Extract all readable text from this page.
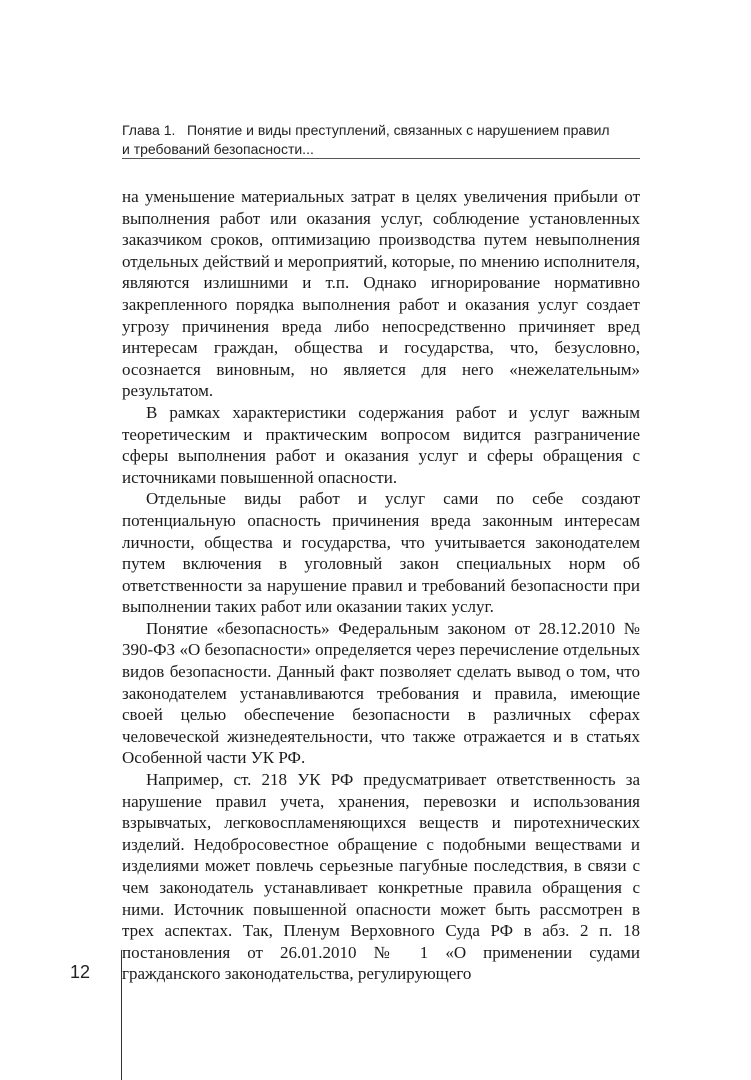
Глава 1.   Понятие и виды преступлений, связанных с нарушением правил
и требований безопасности...

на уменьшение материальных затрат в целях увеличения прибыли от выполнения работ или оказания услуг, соблюдение установленных заказчиком сроков, оптимизацию производства путем невыполнения отдельных действий и мероприятий, которые, по мнению исполнителя, являются излишними и т.п. Однако игнорирование нормативно закрепленного порядка выполнения работ и оказания услуг создает угрозу причинения вреда либо непосредственно причиняет вред интересам граждан, общества и государства, что, безусловно, осознается виновным, но является для него «нежелательным» результатом.

В рамках характеристики содержания работ и услуг важным теоретическим и практическим вопросом видится разграничение сферы выполнения работ и оказания услуг и сферы обращения с источниками повышенной опасности.

Отдельные виды работ и услуг сами по себе создают потенциальную опасность причинения вреда законным интересам личности, общества и государства, что учитывается законодателем путем включения в уголовный закон специальных норм об ответственности за нарушение правил и требований безопасности при выполнении таких работ или оказании таких услуг.

Понятие «безопасность» Федеральным законом от 28.12.2010 № 390-ФЗ «О безопасности» определяется через перечисление отдельных видов безопасности. Данный факт позволяет сделать вывод о том, что законодателем устанавливаются требования и правила, имеющие своей целью обеспечение безопасности в различных сферах человеческой жизнедеятельности, что также отражается и в статьях Особенной части УК РФ.

Например, ст. 218 УК РФ предусматривает ответственность за нарушение правил учета, хранения, перевозки и использования взрывчатых, легковоспламеняющихся веществ и пиротехнических изделий. Недобросовестное обращение с подобными веществами и изделиями может повлечь серьезные пагубные последствия, в связи с чем законодатель устанавливает конкретные правила обращения с ними. Источник повышенной опасности может быть рассмотрен в трех аспектах. Так, Пленум Верховного Суда РФ в абз. 2 п. 18 постановления от 26.01.2010 № 1 «О применении судами гражданского законодательства, регулирующего

12
